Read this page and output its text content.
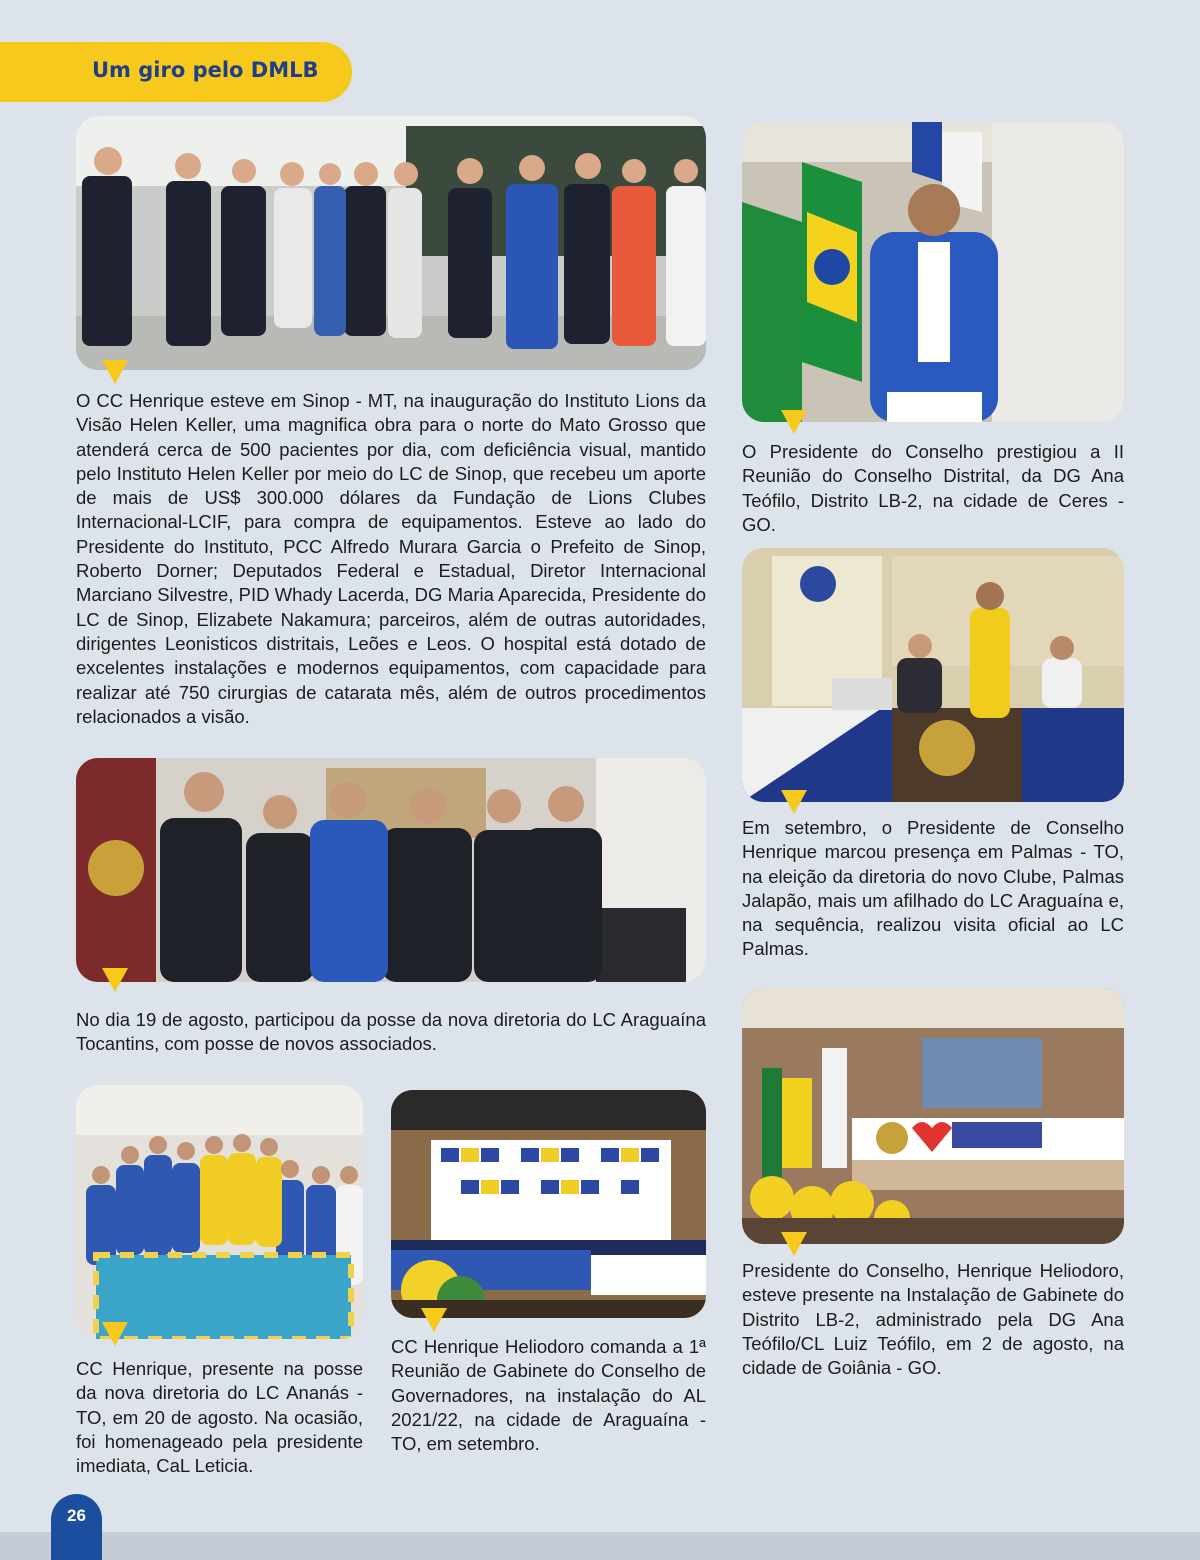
Um giro pelo DMLB
O CC Henrique esteve em Sinop - MT, na inauguração do Instituto Lions da Visão Helen Keller, uma magnifica obra para o norte do Mato Grosso que atenderá cerca de 500 pacientes por dia, com deficiência visual, mantido pelo Instituto Helen Keller por meio do LC de Sinop, que recebeu um aporte de mais de US$ 300.000 dólares da Fundação de Lions Clubes Internacional-LCIF, para compra de equipamentos. Esteve ao lado do Presidente do Instituto, PCC Alfredo Murara Garcia o Prefeito de Sinop, Roberto Dorner; Deputados Federal e Estadual, Diretor Internacional Marciano Silvestre, PID Whady Lacerda, DG Maria Aparecida, Presidente do LC de Sinop, Elizabete Nakamura; parceiros, além de outras autoridades, dirigentes Leonisticos distritais, Leões e Leos. O hospital está dotado de excelentes instalações e modernos equipamentos, com capacidade para realizar até 750 cirurgias de catarata mês, além de outros procedimentos relacionados a visão.
O Presidente do Conselho prestigiou a II Reunião do Conselho Distrital, da DG Ana Teófilo, Distrito LB-2, na cidade de Ceres - GO.
Em setembro, o Presidente de Conselho Henrique marcou presença em Palmas - TO, na eleição da diretoria do novo Clube, Palmas Jalapão, mais um afilhado do LC Araguaína e, na sequência, realizou visita oficial ao LC Palmas.
No dia 19 de agosto, participou da posse da nova diretoria do LC Araguaína Tocantins, com posse de novos associados.
Presidente do Conselho, Henrique Heliodoro, esteve presente na Instalação de Gabinete do Distrito LB-2, administrado pela DG Ana Teófilo/CL Luiz Teófilo, em 2 de agosto, na cidade de Goiânia - GO.
CC Henrique, presente na posse da nova diretoria do LC Ananás - TO, em 20 de agosto. Na ocasião, foi homenageado pela presidente imediata, CaL Leticia.
CC Henrique Heliodoro comanda a 1ª Reunião de Gabinete do Conselho de Governadores, na instalação do AL 2021/22, na cidade de Araguaína - TO, em setembro.
26
